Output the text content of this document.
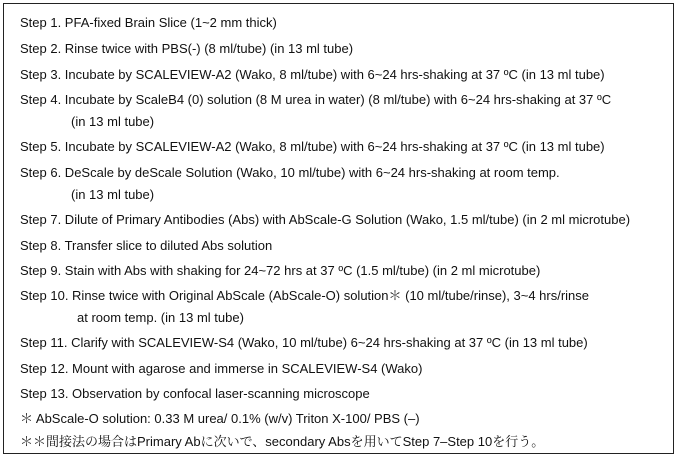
Step 1. PFA-fixed Brain Slice (1~2 mm thick)
Step 2. Rinse twice with PBS(-) (8 ml/tube) (in 13 ml tube)
Step 3. Incubate by SCALEVIEW-A2 (Wako, 8 ml/tube) with 6~24 hrs-shaking at 37 ºC (in 13 ml tube)
Step 4. Incubate by ScaleB4 (0) solution (8 M urea in water) (8 ml/tube) with 6~24 hrs-shaking at 37 ºC
(in 13 ml tube)
Step 5. Incubate by SCALEVIEW-A2 (Wako, 8 ml/tube) with 6~24 hrs-shaking at 37 ºC (in 13 ml tube)
Step 6. DeScale by deScale Solution (Wako, 10 ml/tube) with 6~24 hrs-shaking at room temp.
(in 13 ml tube)
Step 7. Dilute of Primary Antibodies (Abs) with AbScale-G Solution (Wako, 1.5 ml/tube) (in 2 ml microtube)
Step 8. Transfer slice to diluted Abs solution
Step 9. Stain with Abs with shaking for 24~72 hrs at 37 ºC (1.5 ml/tube) (in 2 ml microtube)
Step 10. Rinse twice with Original AbScale (AbScale-O) solution＊ (10 ml/tube/rinse), 3~4 hrs/rinse
at room temp. (in 13 ml tube)
Step 11. Clarify with SCALEVIEW-S4 (Wako, 10 ml/tube) 6~24 hrs-shaking at 37 ºC (in 13 ml tube)
Step 12. Mount with agarose and immerse in SCALEVIEW-S4 (Wako)
Step 13. Observation by confocal laser-scanning microscope
＊ AbScale-O solution: 0.33 M urea/ 0.1% (w/v) Triton X-100/ PBS (–)
＊＊間接法の場合はPrimary Abに次いで、secondary Absを用いてStep 7–Step 10を行う。
